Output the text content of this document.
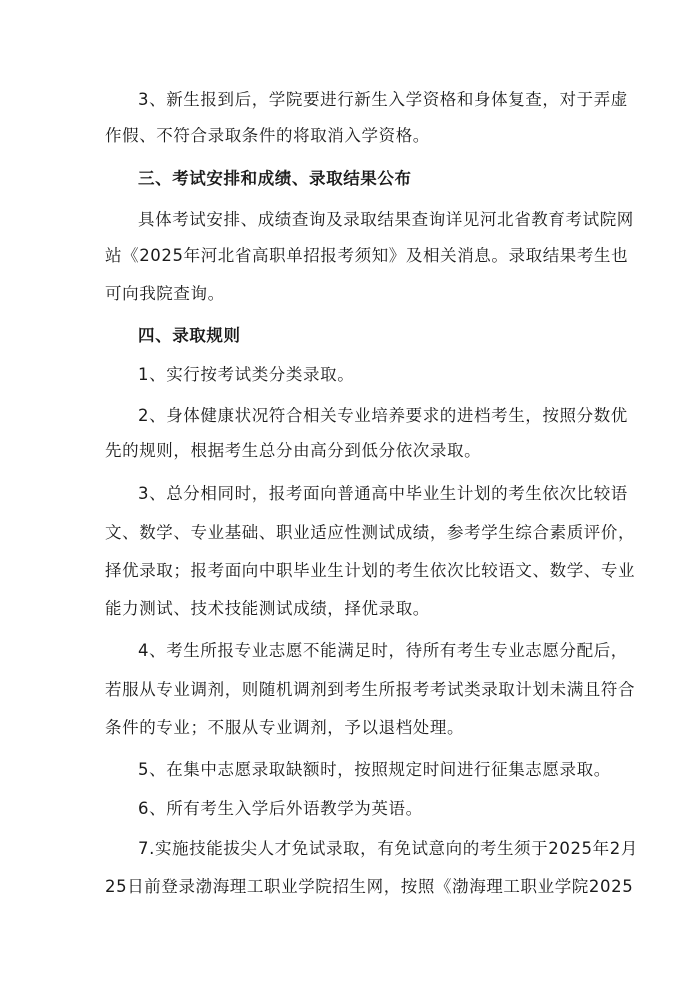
3、新生报到后，学院要进行新生入学资格和身体复查，对于弄虚
作假、不符合录取条件的将取消入学资格。
三、考试安排和成绩、录取结果公布
具体考试安排、成绩查询及录取结果查询详见河北省教育考试院网
站《2025年河北省高职单招报考须知》及相关消息。录取结果考生也
可向我院查询。
四、录取规则
1、实行按考试类分类录取。
2、身体健康状况符合相关专业培养要求的进档考生，按照分数优
先的规则，根据考生总分由高分到低分依次录取。
3、总分相同时，报考面向普通高中毕业生计划的考生依次比较语
文、数学、专业基础、职业适应性测试成绩，参考学生综合素质评价，
择优录取；报考面向中职毕业生计划的考生依次比较语文、数学、专业
能力测试、技术技能测试成绩，择优录取。
4、考生所报专业志愿不能满足时，待所有考生专业志愿分配后，
若服从专业调剂，则随机调剂到考生所报考考试类录取计划未满且符合
条件的专业；不服从专业调剂，予以退档处理。
5、在集中志愿录取缺额时，按照规定时间进行征集志愿录取。
6、所有考生入学后外语教学为英语。
7.实施技能拔尖人才免试录取，有免试意向的考生须于2025年2月
25日前登录渤海理工职业学院招生网，按照《渤海理工职业学院2025
